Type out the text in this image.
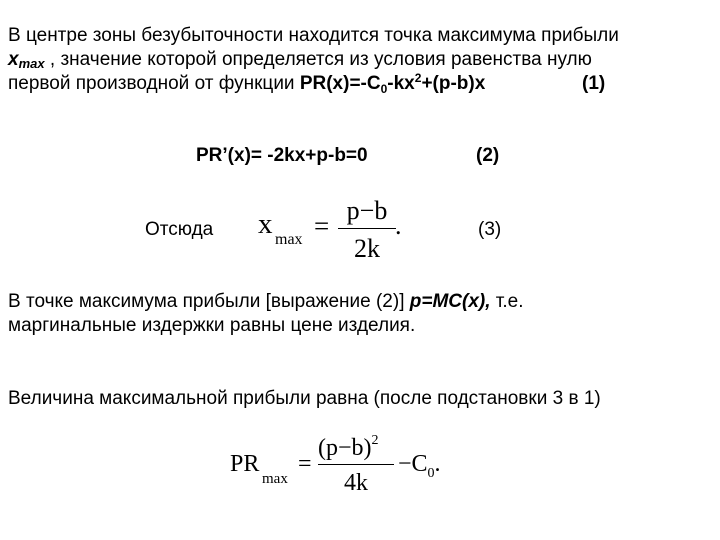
В центре зоны безубыточности находится точка максимума прибыли
xmax , значение которой определяется из условия равенства нулю
первой производной от функции $PR(x)=-C_0-kx^2+(p-b)x$	(1)
PR’(x)= -2kx+p-b=0	(2)
Отсюда x max =
p−b
2k
.	(3)
В точке максимума прибыли [выражение (2)] p=MC(x), т.е.
маргинальные издержки равны цене изделия.
Величина максимальной прибыли равна (после подстановки 3 в 1)
PR
max
=
$(p-b)^2$
4k
$-C_0$.
